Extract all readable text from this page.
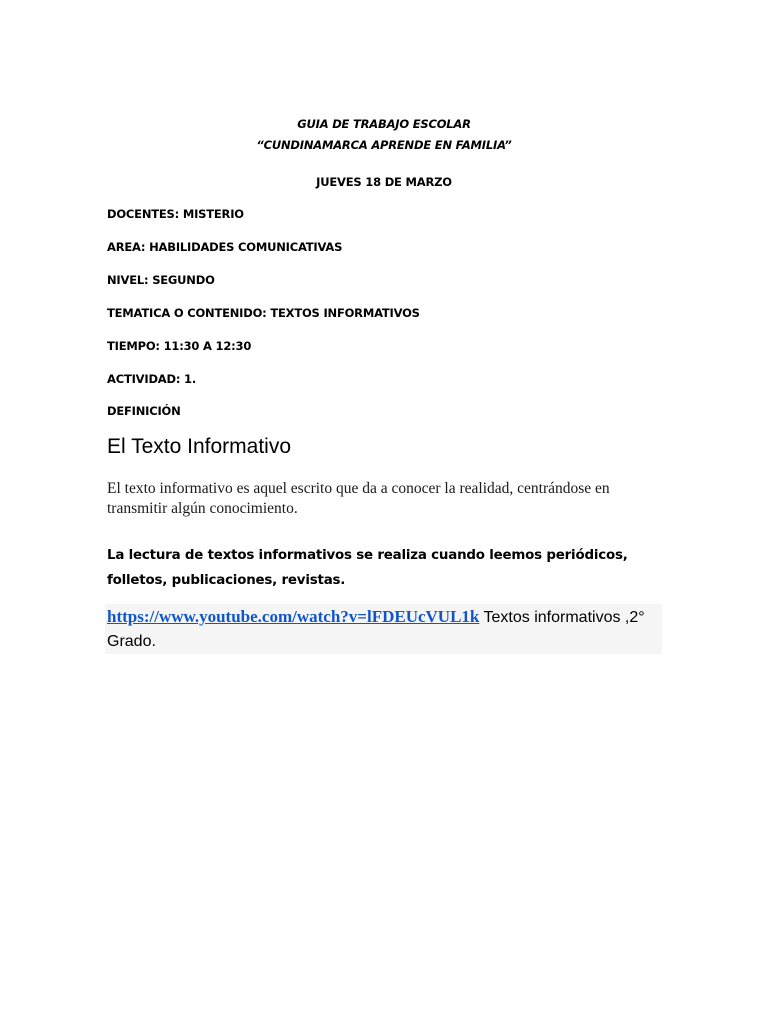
GUIA DE TRABAJO ESCOLAR
“CUNDINAMARCA APRENDE EN FAMILIA”
JUEVES 18 DE MARZO
DOCENTES: MISTERIO
AREA: HABILIDADES COMUNICATIVAS
NIVEL: SEGUNDO
TEMATICA O CONTENIDO: TEXTOS INFORMATIVOS
TIEMPO: 11:30 A 12:30
ACTIVIDAD: 1.
DEFINICIÓN
El Texto Informativo
El texto informativo es aquel escrito que da a conocer la realidad, centrándose en transmitir algún conocimiento.
La lectura de textos informativos se realiza cuando leemos periódicos, folletos, publicaciones, revistas.
https://www.youtube.com/watch?v=lFDEUcVUL1k Textos informativos ,2° Grado.
